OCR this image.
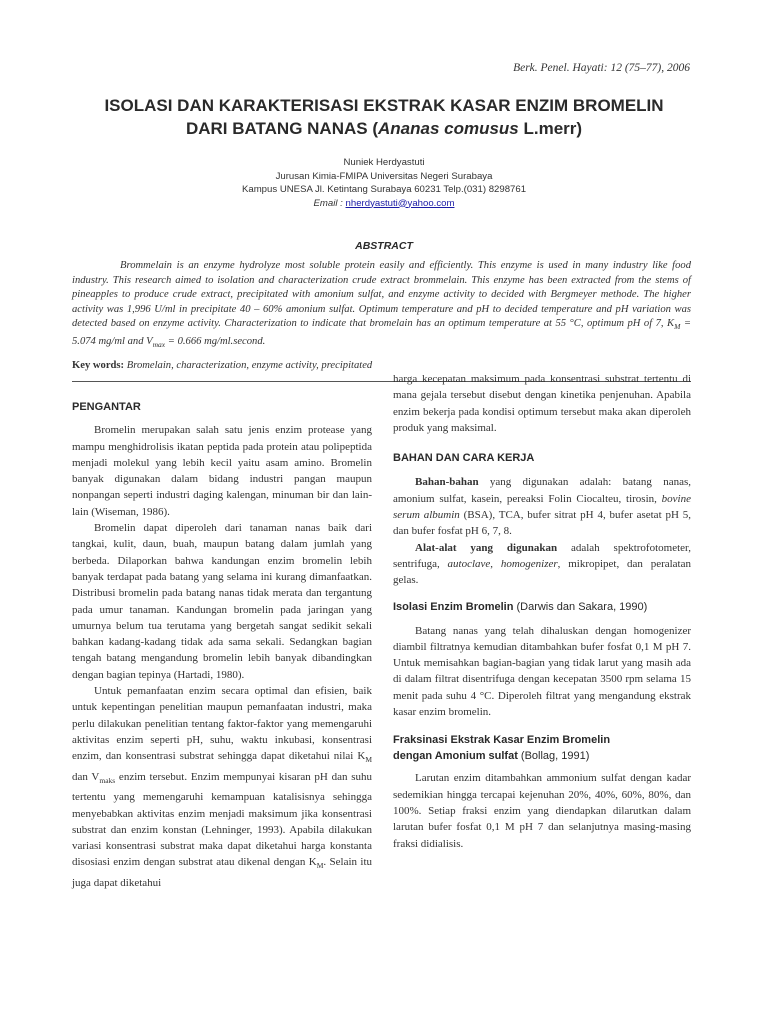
Berk. Penel. Hayati: 12 (75–77), 2006
ISOLASI DAN KARAKTERISASI EKSTRAK KASAR ENZIM BROMELIN
DARI BATANG NANAS (Ananas comusus L.merr)
Nuniek Herdyastuti
Jurusan Kimia-FMIPA Universitas Negeri Surabaya
Kampus UNESA Jl. Ketintang Surabaya 60231 Telp.(031) 8298761
Email : nherdyastuti@yahoo.com
ABSTRACT

Brommelain is an enzyme hydrolyze most soluble protein easily and efficiently. This enzyme is used in many industry like food industry. This research aimed to isolation and characterization crude extract brommelain. This enzyme has been extracted from the stems of pineapples to produce crude extract, precipitated with amonium sulfat, and enzyme activity to decided with Bergmeyer methode. The higher activity was 1,996 U/ml in precipitate 40 – 60% amonium sulfat. Optimum temperature and pH to decided temperature and pH variation was detected based on enzyme activity. Characterization to indicate that bromelain has an optimum temperature at 55 °C, optimum pH of 7, $K_M = 5.074$ mg/ml and $V_{max} = 0.666$ mg/ml.second.

Key words: Bromelain, characterization, enzyme activity, precipitated
PENGANTAR

Bromelin merupakan salah satu jenis enzim protease yang mampu menghidrolisis ikatan peptida pada protein atau polipeptida menjadi molekul yang lebih kecil yaitu asam amino. Bromelin banyak digunakan dalam bidang industri pangan maupun nonpangan seperti industri daging kalengan, minuman bir dan lain-lain (Wiseman, 1986).

Bromelin dapat diperoleh dari tanaman nanas baik dari tangkai, kulit, daun, buah, maupun batang dalam jumlah yang berbeda. Dilaporkan bahwa kandungan enzim bromelin lebih banyak terdapat pada batang yang selama ini kurang dimanfaatkan. Distribusi bromelin pada batang nanas tidak merata dan tergantung pada umur tanaman. Kandungan bromelin pada jaringan yang umurnya belum tua terutama yang bergetah sangat sedikit sekali bahkan kadang-kadang tidak ada sama sekali. Sedangkan bagian tengah batang mengandung bromelin lebih banyak dibandingkan dengan bagian tepinya (Hartadi, 1980).

Untuk pemanfaatan enzim secara optimal dan efisien, baik untuk kepentingan penelitian maupun pemanfaatan industri, maka perlu dilakukan penelitian tentang faktor-faktor yang memengaruhi aktivitas enzim seperti pH, suhu, waktu inkubasi, konsentrasi enzim, dan konsentrasi substrat sehingga dapat diketahui nilai $K_M$ dan $V_{maks}$ enzim tersebut. Enzim mempunyai kisaran pH dan suhu tertentu yang memengaruhi kemampuan katalisisnya sehingga menyebabkan aktivitas enzim menjadi maksimum jika konsentrasi substrat dan enzim konstan (Lehninger, 1993). Apabila dilakukan variasi konsentrasi substrat maka dapat diketahui harga konstanta disosiasi enzim dengan substrat atau dikenal dengan $K_M$. Selain itu juga dapat diketahui

harga kecepatan maksimum pada konsentrasi substrat tertentu di mana gejala tersebut disebut dengan kinetika penjenuhan. Apabila enzim bekerja pada kondisi optimum tersebut maka akan diperoleh produk yang maksimal.

BAHAN DAN CARA KERJA

Bahan-bahan yang digunakan adalah: batang nanas, amonium sulfat, kasein, pereaksi Folin Ciocalteu, tirosin, bovine serum albumin (BSA), TCA, bufer sitrat pH 4, bufer asetat pH 5, dan bufer fosfat pH 6, 7, 8.

Alat-alat yang digunakan adalah spektrofotometer, sentrifuga, autoclave, homogenizer, mikropipet, dan peralatan gelas.

Isolasi Enzim Bromelin (Darwis dan Sakara, 1990)

Batang nanas yang telah dihaluskan dengan homogenizer diambil filtratnya kemudian ditambahkan bufer fosfat 0,1 M pH 7. Untuk memisahkan bagian-bagian yang tidak larut yang masih ada di dalam filtrat disentrifuga dengan kecepatan 3500 rpm selama 15 menit pada suhu 4 °C. Diperoleh filtrat yang mengandung ekstrak kasar enzim bromelin.

Fraksinasi Ekstrak Kasar Enzim Bromelin
dengan Amonium sulfat (Bollag, 1991)

Larutan enzim ditambahkan ammonium sulfat dengan kadar sedemikian hingga tercapai kejenuhan 20%, 40%, 60%, 80%, dan 100%. Setiap fraksi enzim yang diendapkan dilarutkan dalam larutan bufer fosfat 0,1 M pH 7 dan selanjutnya masing-masing fraksi didialisis.
